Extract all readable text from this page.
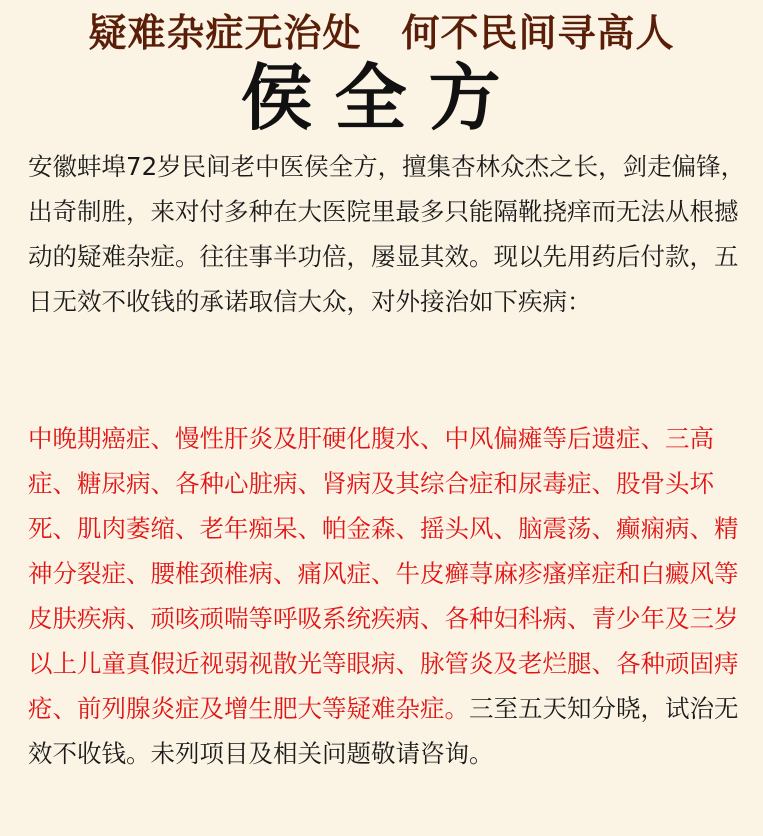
疑难杂症无治处 何不民间寻高人
侯全方
安徽蚌埠72岁民间老中医侯全方，擅集杏林众杰之长，剑走偏锋，出奇制胜，来对付多种在大医院里最多只能隔靴挠痒而无法从根撼动的疑难杂症。往往事半功倍，屡显其效。现以先用药后付款，五日无效不收钱的承诺取信大众，对外接治如下疾病：
中晚期癌症、慢性肝炎及肝硬化腹水、中风偏瘫等后遗症、三高症、糖尿病、各种心脏病、肾病及其综合症和尿毒症、股骨头坏死、肌肉萎缩、老年痴呆、帕金森、摇头风、脑震荡、癫痫病、精神分裂症、腰椎颈椎病、痛风症、牛皮癣荨麻疹瘙痒症和白癜风等皮肤疾病、顽咳顽喘等呼吸系统疾病、各种妇科病、青少年及三岁以上儿童真假近视弱视散光等眼病、脉管炎及老烂腿、各种顽固痔疮、前列腺炎症及增生肥大等疑难杂症。三至五天知分晓，试治无效不收钱。未列项目及相关问题敬请咨询。
